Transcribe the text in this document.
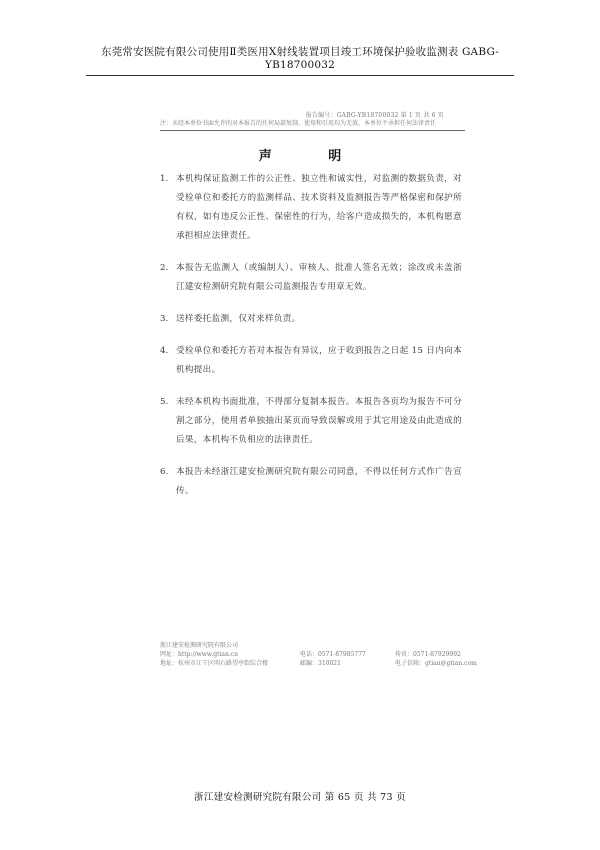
东莞常安医院有限公司使用Ⅱ类医用X射线装置项目竣工环境保护验收监测表 GABG-YB18700032
报告编号：GABG-YB18700032 第 1 页 共 6 页
注：未经本单位书面允许的对本报告的任何局部复制、使用和引用均为无效，本单位不承担任何法律责任
声 明
1. 本机构保证监测工作的公正性、独立性和诚实性，对监测的数据负责，对受检单位和委托方的监测样品、技术资料及监测报告等严格保密和保护所有权，如有违反公正性、保密性的行为，给客户造成损失的，本机构愿意承担相应法律责任。
2. 本报告无监测人（或编制人）、审核人、批准人签名无效；涂改或未盖浙江建安检测研究院有限公司监测报告专用章无效。
3. 送样委托监测，仅对来样负责。
4. 受检单位和委托方若对本报告有异议，应于收到报告之日起 15 日内向本机构提出。
5. 未经本机构书面批准，不得部分复制本报告。本报告各页均为报告不可分割之部分，使用者单独抽出某页而导致误解或用于其它用途及由此造成的后果，本机构不负相应的法律责任。
6. 本报告未经浙江建安检测研究院有限公司同意，不得以任何方式作广告宣传。
浙江建安检测研究院有限公司
网址：http://www.gtian.cn	电话：0571-87985777	传真：0571-87929992
地址：杭州市江干区明石路望亭街综合楼	邮编：310021	电子信箱：gtian@gtian.com
浙江建安检测研究院有限公司 第 65 页 共 73 页
